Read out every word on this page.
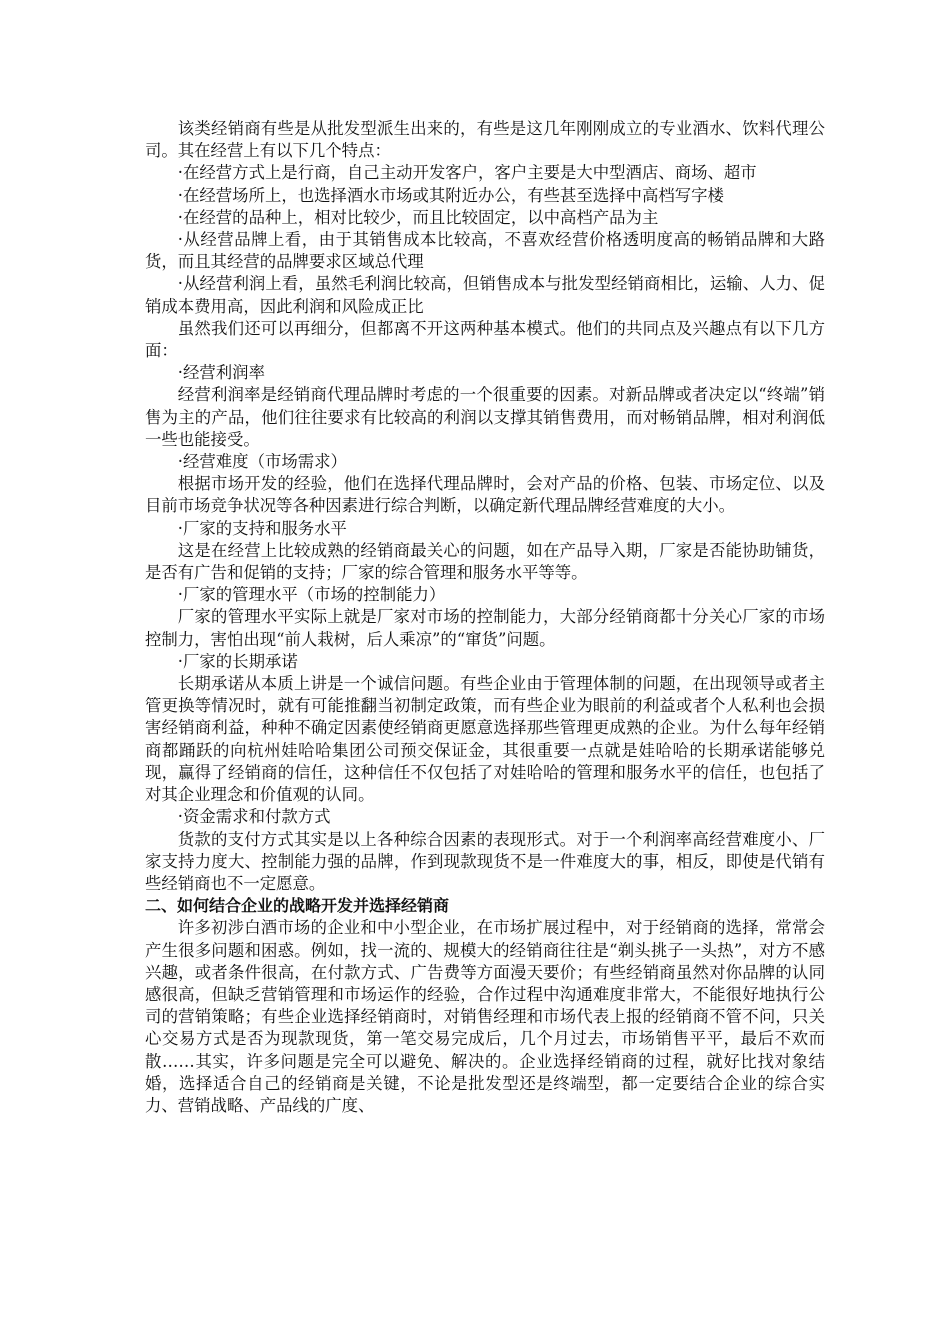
该类经销商有些是从批发型派生出来的，有些是这几年刚刚成立的专业酒水、饮料代理公司。其在经营上有以下几个特点：

·在经营方式上是行商，自己主动开发客户，客户主要是大中型酒店、商场、超市

·在经营场所上，也选择酒水市场或其附近办公，有些甚至选择中高档写字楼

·在经营的品种上，相对比较少，而且比较固定，以中高档产品为主

·从经营品牌上看，由于其销售成本比较高，不喜欢经营价格透明度高的畅销品牌和大路货，而且其经营的品牌要求区域总代理

·从经营利润上看，虽然毛利润比较高，但销售成本与批发型经销商相比，运输、人力、促销成本费用高，因此利润和风险成正比

虽然我们还可以再细分，但都离不开这两种基本模式。他们的共同点及兴趣点有以下几方面：

·经营利润率

经营利润率是经销商代理品牌时考虑的一个很重要的因素。对新品牌或者决定以“终端”销售为主的产品，他们往往要求有比较高的利润以支撑其销售费用，而对畅销品牌，相对利润低一些也能接受。

·经营难度（市场需求）

根据市场开发的经验，他们在选择代理品牌时，会对产品的价格、包装、市场定位、以及目前市场竞争状况等各种因素进行综合判断，以确定新代理品牌经营难度的大小。

·厂家的支持和服务水平

这是在经营上比较成熟的经销商最关心的问题，如在产品导入期，厂家是否能协助铺货，是否有广告和促销的支持；厂家的综合管理和服务水平等等。

·厂家的管理水平（市场的控制能力）

厂家的管理水平实际上就是厂家对市场的控制能力，大部分经销商都十分关心厂家的市场控制力，害怕出现“前人栽树，后人乘凉”的“窜货”问题。

·厂家的长期承诺

长期承诺从本质上讲是一个诚信问题。有些企业由于管理体制的问题，在出现领导或者主管更换等情况时，就有可能推翻当初制定政策，而有些企业为眼前的利益或者个人私利也会损害经销商利益，种种不确定因素使经销商更愿意选择那些管理更成熟的企业。为什么每年经销商都踊跃的向杭州娃哈哈集团公司预交保证金，其很重要一点就是娃哈哈的长期承诺能够兑现，赢得了经销商的信任，这种信任不仅包括了对娃哈哈的管理和服务水平的信任，也包括了对其企业理念和价值观的认同。

·资金需求和付款方式

货款的支付方式其实是以上各种综合因素的表现形式。对于一个利润率高经营难度小、厂家支持力度大、控制能力强的品牌，作到现款现货不是一件难度大的事，相反，即使是代销有些经销商也不一定愿意。

二、如何结合企业的战略开发并选择经销商

许多初涉白酒市场的企业和中小型企业，在市场扩展过程中，对于经销商的选择，常常会产生很多问题和困惑。例如，找一流的、规模大的经销商往往是“剃头挑子一头热”，对方不感兴趣，或者条件很高，在付款方式、广告费等方面漫天要价；有些经销商虽然对你品牌的认同感很高，但缺乏营销管理和市场运作的经验，合作过程中沟通难度非常大，不能很好地执行公司的营销策略；有些企业选择经销商时，对销售经理和市场代表上报的经销商不管不问，只关心交易方式是否为现款现货，第一笔交易完成后，几个月过去，市场销售平平，最后不欢而散……其实，许多问题是完全可以避免、解决的。企业选择经销商的过程，就好比找对象结婚，选择适合自己的经销商是关键，不论是批发型还是终端型，都一定要结合企业的综合实力、营销战略、产品线的广度、
